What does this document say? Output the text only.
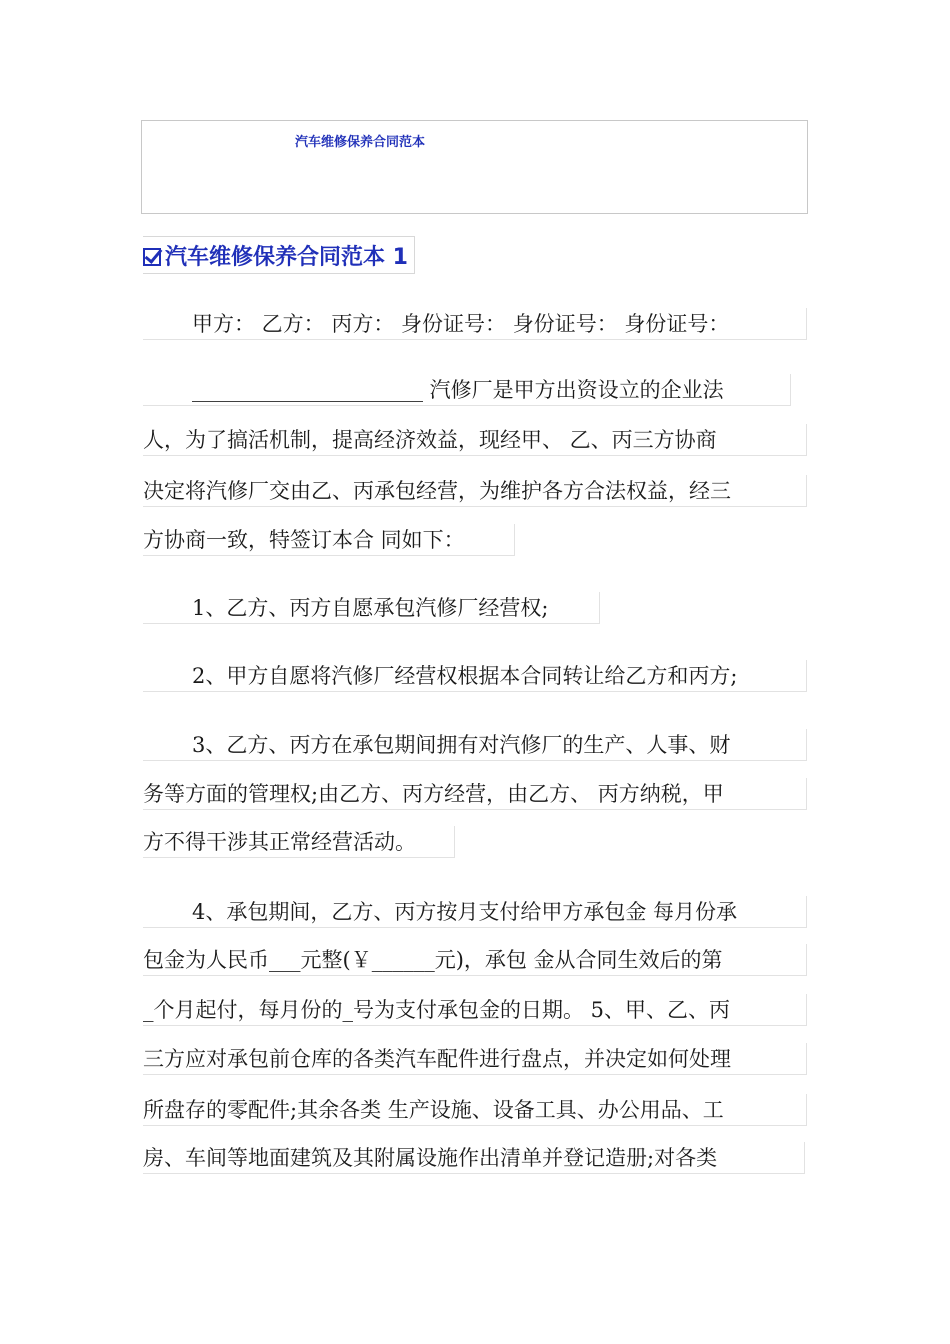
汽车维修保养合同范本
汽车维修保养合同范本 1
甲方： 乙方： 丙方： 身份证号： 身份证号： 身份证号：
______________________ 汽修厂是甲方出资设立的企业法
人，为了搞活机制，提高经济效益，现经甲、 乙、丙三方协商
决定将汽修厂交由乙、丙承包经营，为维护各方合法权益，经三
方协商一致，特签订本合 同如下：
1、乙方、丙方自愿承包汽修厂经营权;
2、甲方自愿将汽修厂经营权根据本合同转让给乙方和丙方;
3、乙方、丙方在承包期间拥有对汽修厂的生产、人事、财
务等方面的管理权;由乙方、丙方经营，由乙方、 丙方纳税，甲
方不得干涉其正常经营活动。
4、承包期间，乙方、丙方按月支付给甲方承包金 每月份承
包金为人民币___元整(￥______元)，承包 金从合同生效后的第
_个月起付，每月份的_号为支付承包金的日期。 5、甲、乙、丙
三方应对承包前仓库的各类汽车配件进行盘点，并决定如何处理
所盘存的零配件;其余各类 生产设施、设备工具、办公用品、工
房、车间等地面建筑及其附属设施作出清单并登记造册;对各类
